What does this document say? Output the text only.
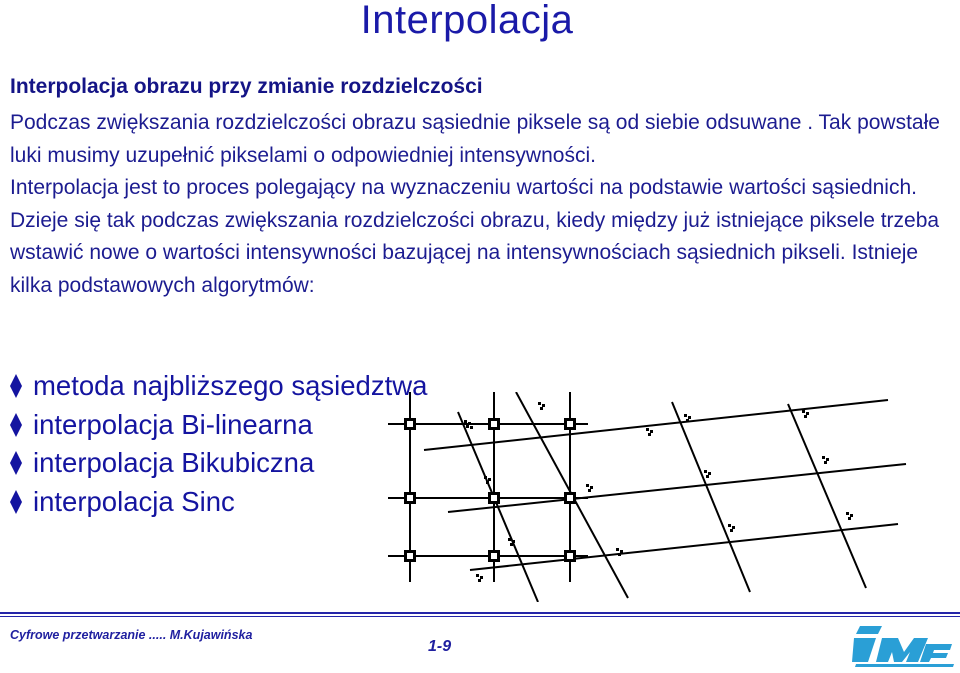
Interpolacja
Interpolacja obrazu przy zmianie rozdzielczości

Podczas zwiększania rozdzielczości obrazu sąsiednie piksele są od siebie odsuwane . Tak powstałe luki musimy uzupełnić pikselami o odpowiedniej intensywności.

Interpolacja jest to proces polegający na wyznaczeniu wartości na podstawie wartości sąsiednich. Dzieje się tak podczas zwiększania rozdzielczości obrazu, kiedy między już istniejące piksele trzeba wstawić nowe o wartości intensywności bazującej na intensywnościach sąsiednich pikseli. Istnieje kilka podstawowych algorytmów:

metoda najbliższego sąsiedztwa
interpolacja Bi-linearna
interpolacja Bikubiczna
interpolacja Sinc
Cyfrowe przetwarzanie ..... M.Kujawińska
1-9
